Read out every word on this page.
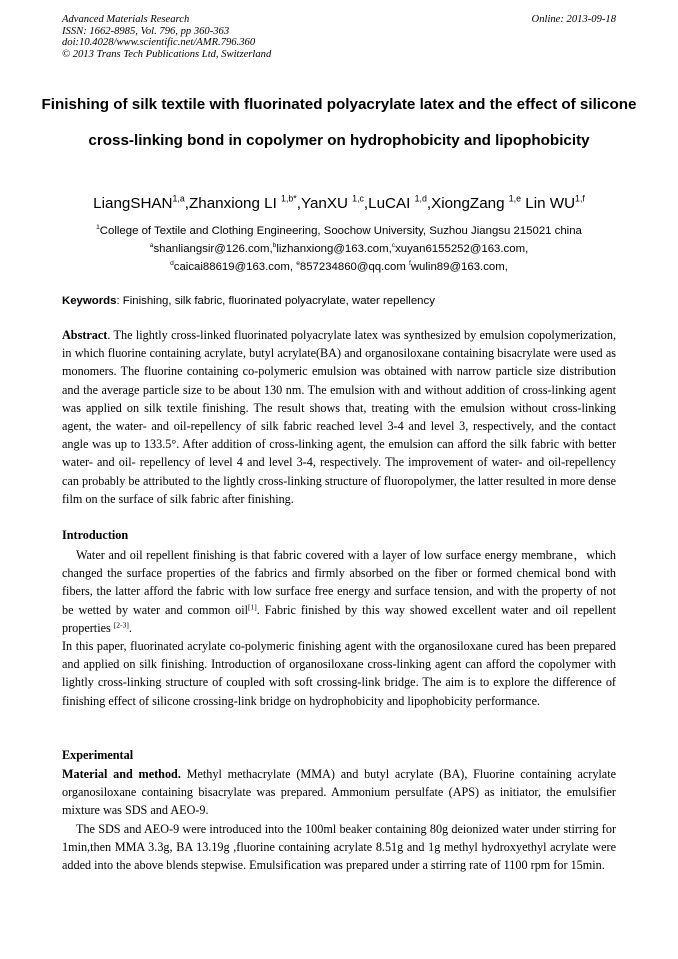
Advanced Materials Research
ISSN: 1662-8985, Vol. 796, pp 360-363
doi:10.4028/www.scientific.net/AMR.796.360
© 2013 Trans Tech Publications Ltd, Switzerland
Online: 2013-09-18
Finishing of silk textile with fluorinated polyacrylate latex and the effect of silicone cross-linking bond in copolymer on hydrophobicity and lipophobicity
LiangSHAN$^{1,a}$,Zhanxiong LI $^{1,b*}$,YanXU $^{1,c}$,LuCAI $^{1,d}$,XiongZang $^{1,e}$ Lin WU$^{1,f}$
$^1$College of Textile and Clothing Engineering, Soochow University, Suzhou Jiangsu 215021 china
$^a$shanliangsir@126.com,$^b$lizhanxiong@163.com,$^c$xuyan6155252@163.com,
$^d$caicai88619@163.com, $^e$857234860@qq.com $^f$wulin89@163.com,
Keywords: Finishing, silk fabric, fluorinated polyacrylate, water repellency

Abstract. The lightly cross-linked fluorinated polyacrylate latex was synthesized by emulsion copolymerization, in which fluorine containing acrylate, butyl acrylate(BA) and organosiloxane containing bisacrylate were used as monomers. The fluorine containing co-polymeric emulsion was obtained with narrow particle size distribution and the average particle size to be about 130 nm. The emulsion with and without addition of cross-linking agent was applied on silk textile finishing. The result shows that, treating with the emulsion without cross-linking agent, the water- and oil-repellency of silk fabric reached level 3-4 and level 3, respectively, and the contact angle was up to 133.5°. After addition of cross-linking agent, the emulsion can afford the silk fabric with better water- and oil- repellency of level 4 and level 3-4, respectively. The improvement of water- and oil-repellency can probably be attributed to the lightly cross-linking structure of fluoropolymer, the latter resulted in more dense film on the surface of silk fabric after finishing.

Introduction

Water and oil repellent finishing is that fabric covered with a layer of low surface energy membrane，which changed the surface properties of the fabrics and firmly absorbed on the fiber or formed chemical bond with fibers, the latter afford the fabric with low surface free energy and surface tension, and with the property of not be wetted by water and common oil[1]. Fabric finished by this way showed excellent water and oil repellent properties [2-3].

In this paper, fluorinated acrylate co-polymeric finishing agent with the organosiloxane cured has been prepared and applied on silk finishing. Introduction of organosiloxane cross-linking agent can afford the copolymer with lightly cross-linking structure of coupled with soft crossing-link bridge. The aim is to explore the difference of finishing effect of silicone crossing-link bridge on hydrophobicity and lipophobicity performance.

Experimental

Material and method. Methyl methacrylate (MMA) and butyl acrylate (BA), Fluorine containing acrylate organosiloxane containing bisacrylate was prepared. Ammonium persulfate (APS) as initiator, the emulsifier mixture was SDS and AEO-9.

The SDS and AEO-9 were introduced into the 100ml beaker containing 80g deionized water under stirring for 1min,then MMA 3.3g, BA 13.19g ,fluorine containing acrylate 8.51g and 1g methyl hydroxyethyl acrylate were added into the above blends stepwise. Emulsification was prepared under a stirring rate of 1100 rpm for 15min.
